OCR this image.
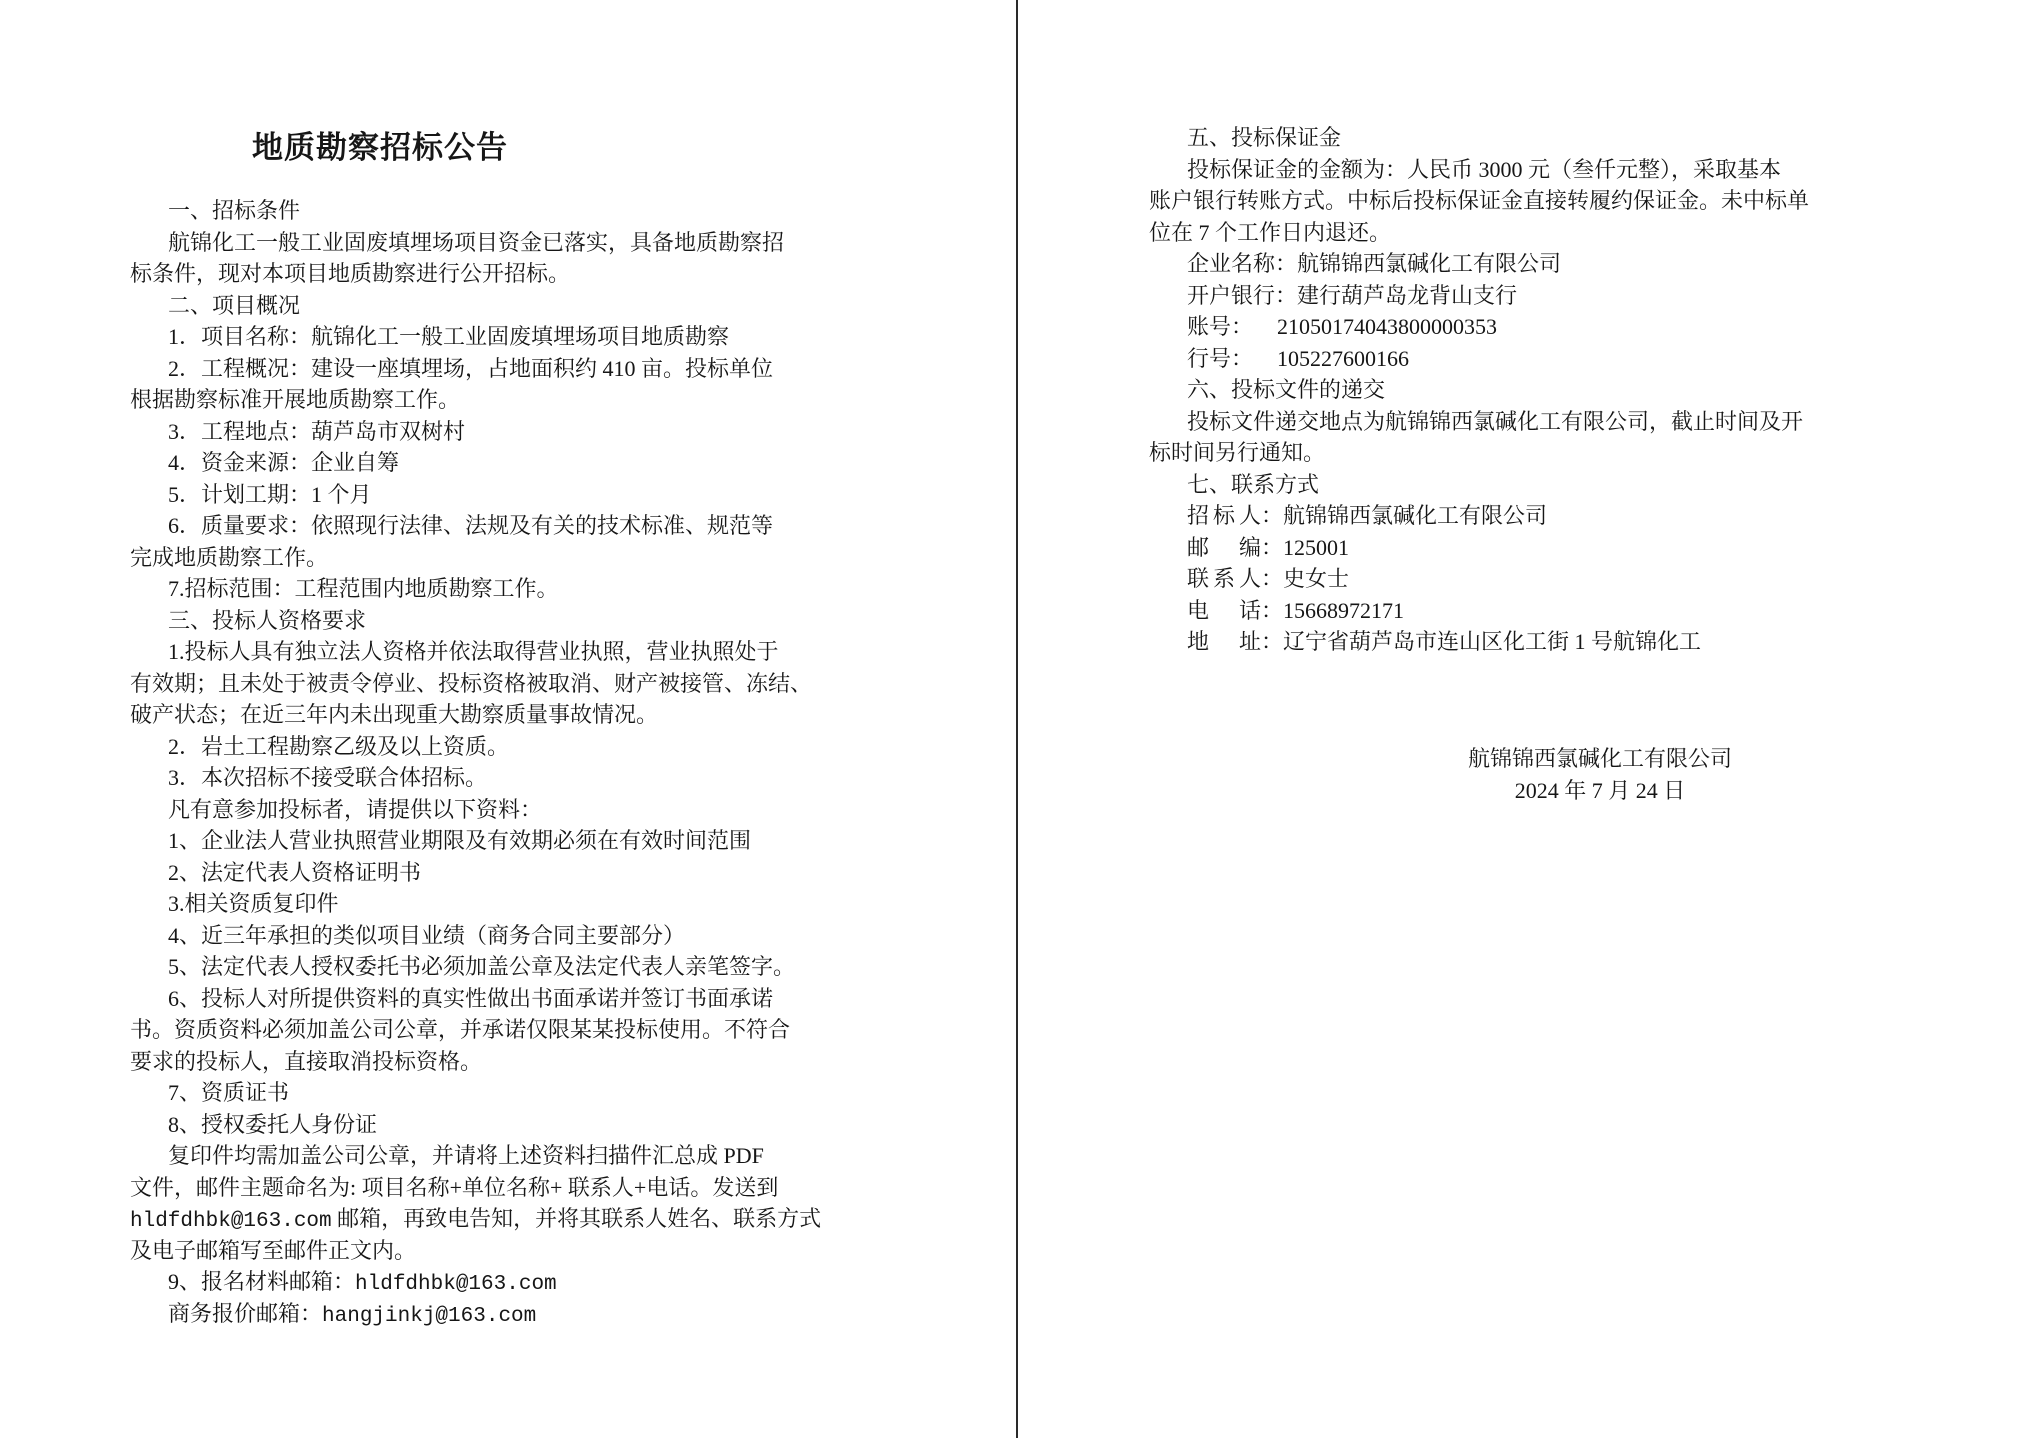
地质勘察招标公告
一、招标条件
航锦化工一般工业固废填埋场项目资金已落实，具备地质勘察招
标条件，现对本项目地质勘察进行公开招标。
二、项目概况
1．项目名称：航锦化工一般工业固废填埋场项目地质勘察
2．工程概况：建设一座填埋场，占地面积约 410 亩。投标单位
根据勘察标准开展地质勘察工作。
3．工程地点：葫芦岛市双树村
4．资金来源：企业自筹
5．计划工期：1 个月
6．质量要求：依照现行法律、法规及有关的技术标准、规范等
完成地质勘察工作。
7.招标范围：工程范围内地质勘察工作。
三、投标人资格要求
1.投标人具有独立法人资格并依法取得营业执照，营业执照处于
有效期；且未处于被责令停业、投标资格被取消、财产被接管、冻结、
破产状态；在近三年内未出现重大勘察质量事故情况。
2．岩土工程勘察乙级及以上资质。
3．本次招标不接受联合体招标。
凡有意参加投标者，请提供以下资料：
1、企业法人营业执照营业期限及有效期必须在有效时间范围
2、法定代表人资格证明书
3.相关资质复印件
4、近三年承担的类似项目业绩（商务合同主要部分）
5、法定代表人授权委托书必须加盖公章及法定代表人亲笔签字。
6、投标人对所提供资料的真实性做出书面承诺并签订书面承诺
书。资质资料必须加盖公司公章，并承诺仅限某某投标使用。不符合
要求的投标人，直接取消投标资格。
7、资质证书
8、授权委托人身份证
复印件均需加盖公司公章，并请将上述资料扫描件汇总成 PDF
文件，邮件主题命名为: 项目名称+单位名称+ 联系人+电话。发送到
hldfdhbk@163.com 邮箱，再致电告知，并将其联系人姓名、联系方式
及电子邮箱写至邮件正文内。
9、报名材料邮箱：hldfdhbk@163.com
商务报价邮箱：hangjinkj@163.com
五、投标保证金
投标保证金的金额为：人民币 3000 元（叁仟元整），采取基本
账户银行转账方式。中标后投标保证金直接转履约保证金。未中标单
位在 7 个工作日内退还。
企业名称：航锦锦西氯碱化工有限公司
开户银行：建行葫芦岛龙背山支行
账号： 21050174043800000353
行号： 105227600166
六、投标文件的递交
投标文件递交地点为航锦锦西氯碱化工有限公司，截止时间及开
标时间另行通知。
七、联系方式
招标人：航锦锦西氯碱化工有限公司
邮编：125001
联系人：史女士
电话：15668972171
地址：辽宁省葫芦岛市连山区化工街 1 号航锦化工
航锦锦西氯碱化工有限公司
2024 年 7 月 24 日
